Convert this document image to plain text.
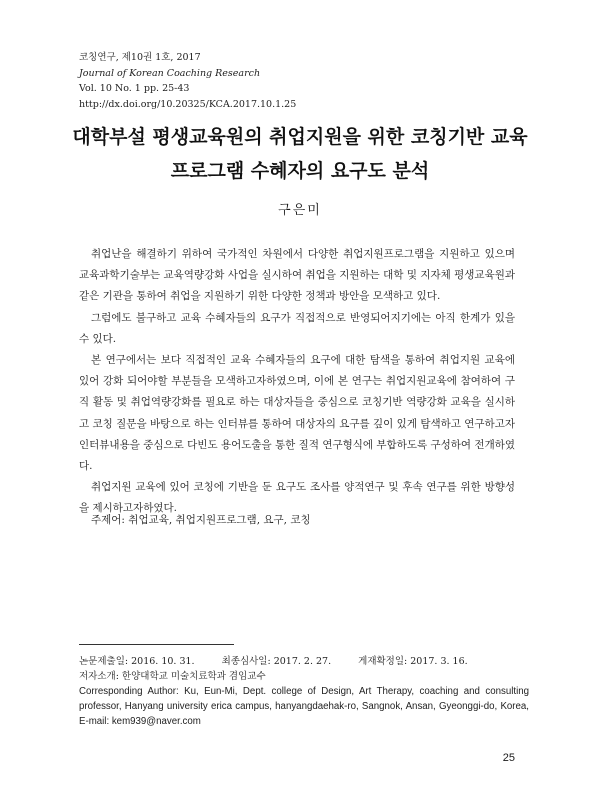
코칭연구, 제10권 1호, 2017
Journal of Korean Coaching Research
Vol. 10 No. 1 pp. 25-43
http://dx.doi.org/10.20325/KCA.2017.10.1.25
대학부설 평생교육원의 취업지원을 위한 코칭기반 교육
프로그램 수혜자의 요구도 분석
구은미

취업난을 해결하기 위하여 국가적인 차원에서 다양한 취업지원프로그램을 지원하고 있으며 교육과학기술부는 교육역량강화 사업을 실시하여 취업을 지원하는 대학 및 지자체 평생교육원과 같은 기관을 통하여 취업을 지원하기 위한 다양한 정책과 방안을 모색하고 있다.

그럼에도 불구하고 교육 수혜자들의 요구가 직접적으로 반영되어지기에는 아직 한계가 있을 수 있다.

본 연구에서는 보다 직접적인 교육 수혜자들의 요구에 대한 탐색을 통하여 취업지원 교육에 있어 강화 되어야할 부분들을 모색하고자하였으며, 이에 본 연구는 취업지원교육에 참여하여 구직 활동 및 취업역량강화를 필요로 하는 대상자들을 중심으로 코칭기반 역량강화 교육을 실시하고 코칭 질문을 바탕으로 하는 인터뷰를 통하여 대상자의 요구를 깊이 있게 탐색하고 연구하고자 인터뷰내용을 중심으로 다빈도 용어도출을 통한 질적 연구형식에 부합하도록 구성하여 전개하였다.

취업지원 교육에 있어 코칭에 기반을 둔 요구도 조사를 양적연구 및 후속 연구를 위한 방향성을 제시하고자하였다.

주제어: 취업교육, 취업지원프로그램, 요구, 코칭
논문제출일: 2016. 10. 31.	최종심사일: 2017. 2. 27.	게재확정일: 2017. 3. 16.
저자소개: 한양대학교 미술치료학과 겸임교수
Corresponding Author: Ku, Eun-Mi, Dept. college of Design, Art Therapy, coaching and consulting professor, Hanyang university erica campus, hanyangdaehak-ro, Sangnok, Ansan, Gyeonggi-do, Korea, E-mail: kem939@naver.com
25
